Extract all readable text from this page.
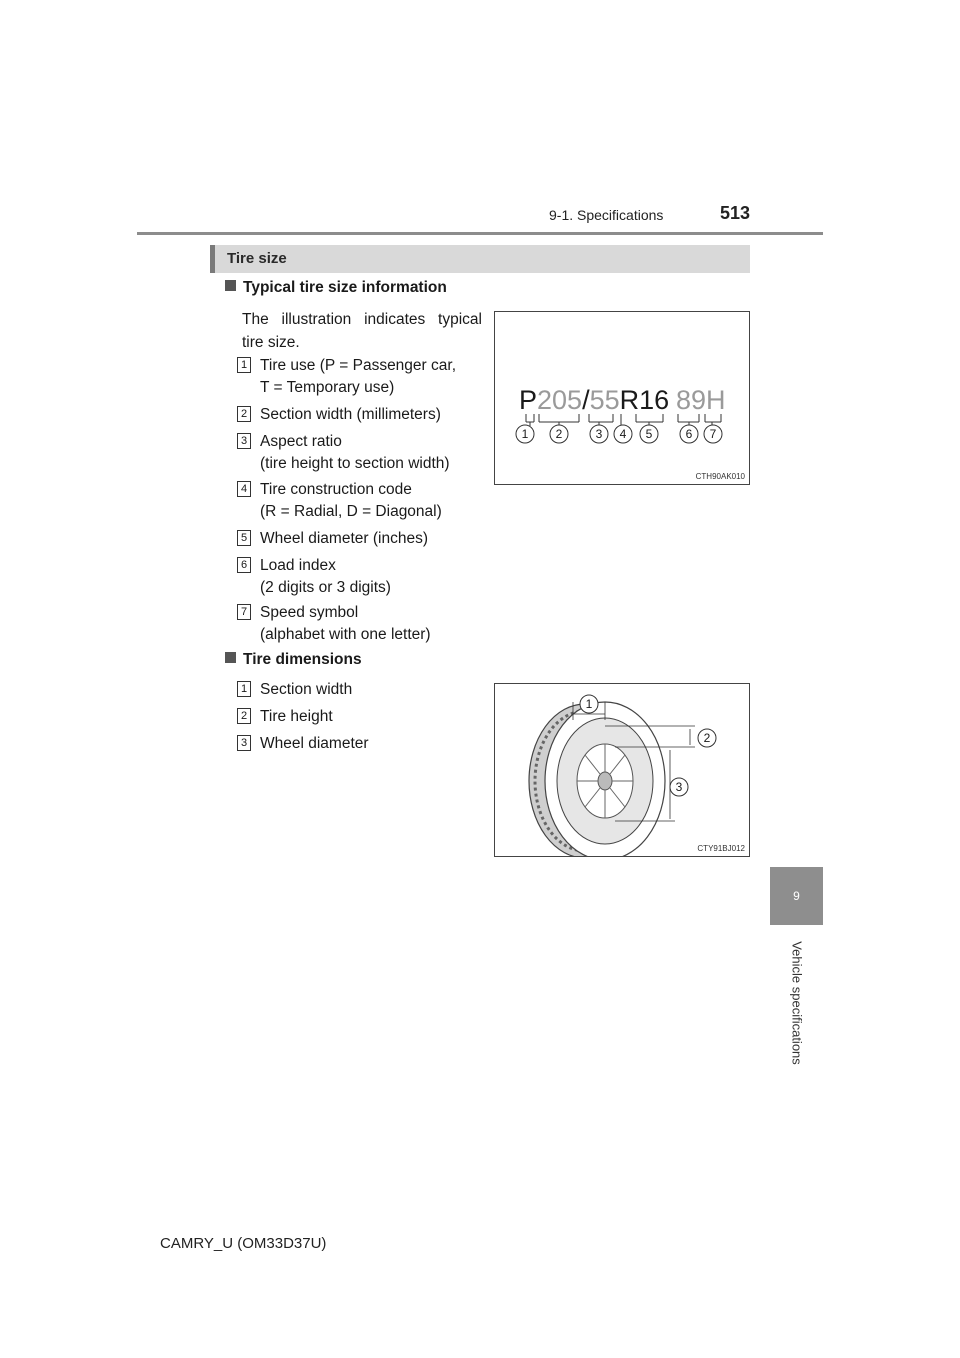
9-1. Specifications	513
9
Vehicle specifications
Tire size
Typical tire size information
The illustration indicates typical tire size.
1 Tire use (P = Passenger car,
T = Temporary use)
2 Section width (millimeters)
3 Aspect ratio
(tire height to section width)
4 Tire construction code
(R = Radial, D = Diagonal)
5 Wheel diameter (inches)
6 Load index
(2 digits or 3 digits)
7 Speed symbol
(alphabet with one letter)
P205/55R16 89H
1 2	3 4 5	6 7
CTH90AK010
Tire dimensions
1 Section width
2 Tire height
3 Wheel diameter
1
2
3
CTY91BJ012
CAMRY_U (OM33D37U)
